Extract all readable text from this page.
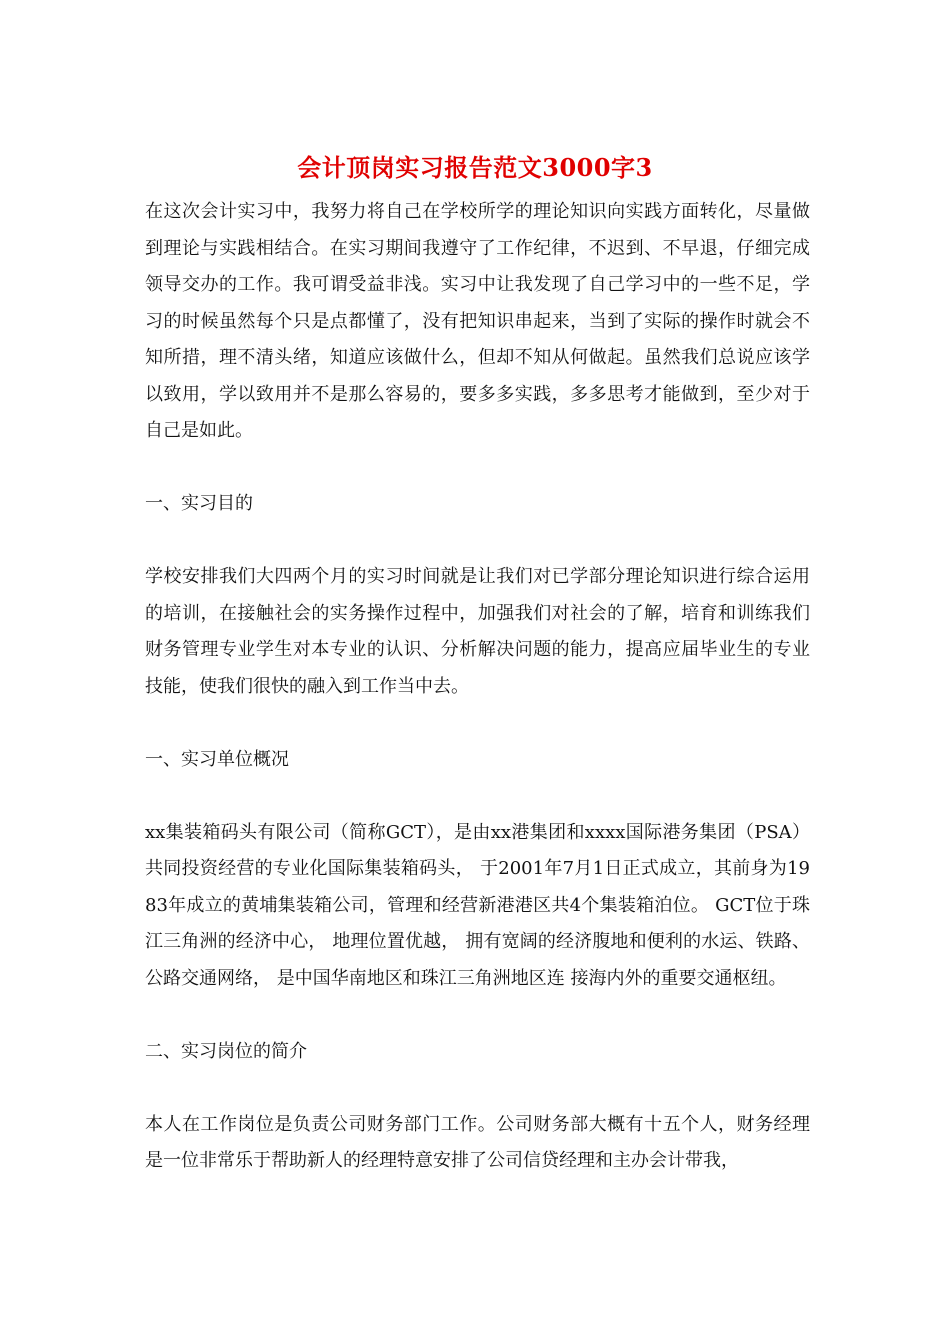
会计顶岗实习报告范文3000字3

在这次会计实习中，我努力将自己在学校所学的理论知识向实践方面转化，尽量做到理论与实践相结合。在实习期间我遵守了工作纪律，不迟到、不早退，仔细完成领导交办的工作。我可谓受益非浅。实习中让我发现了自己学习中的一些不足，学习的时候虽然每个只是点都懂了，没有把知识串起来，当到了实际的操作时就会不知所措，理不清头绪，知道应该做什么，但却不知从何做起。虽然我们总说应该学以致用，学以致用并不是那么容易的，要多多实践，多多思考才能做到，至少对于自己是如此。

一、实习目的

学校安排我们大四两个月的实习时间就是让我们对已学部分理论知识进行综合运用的培训，在接触社会的实务操作过程中，加强我们对社会的了解，培育和训练我们财务管理专业学生对本专业的认识、分析解决问题的能力，提高应届毕业生的专业技能，使我们很快的融入到工作当中去。

一、实习单位概况

xx集装箱码头有限公司（简称GCT），是由xx港集团和xxxx国际港务集团（PSA） 共同投资经营的专业化国际集装箱码头， 于2001年7月1日正式成立，其前身为1983年成立的黄埔集装箱公司，管理和经营新港港区共4个集装箱泊位。 GCT位于珠江三角洲的经济中心， 地理位置优越， 拥有宽阔的经济腹地和便利的水运、铁路、公路交通网络， 是中国华南地区和珠江三角洲地区连 接海内外的重要交通枢纽。

二、实习岗位的简介

本人在工作岗位是负责公司财务部门工作。公司财务部大概有十五个人，财务经理是一位非常乐于帮助新人的经理特意安排了公司信贷经理和主办会计带我，
